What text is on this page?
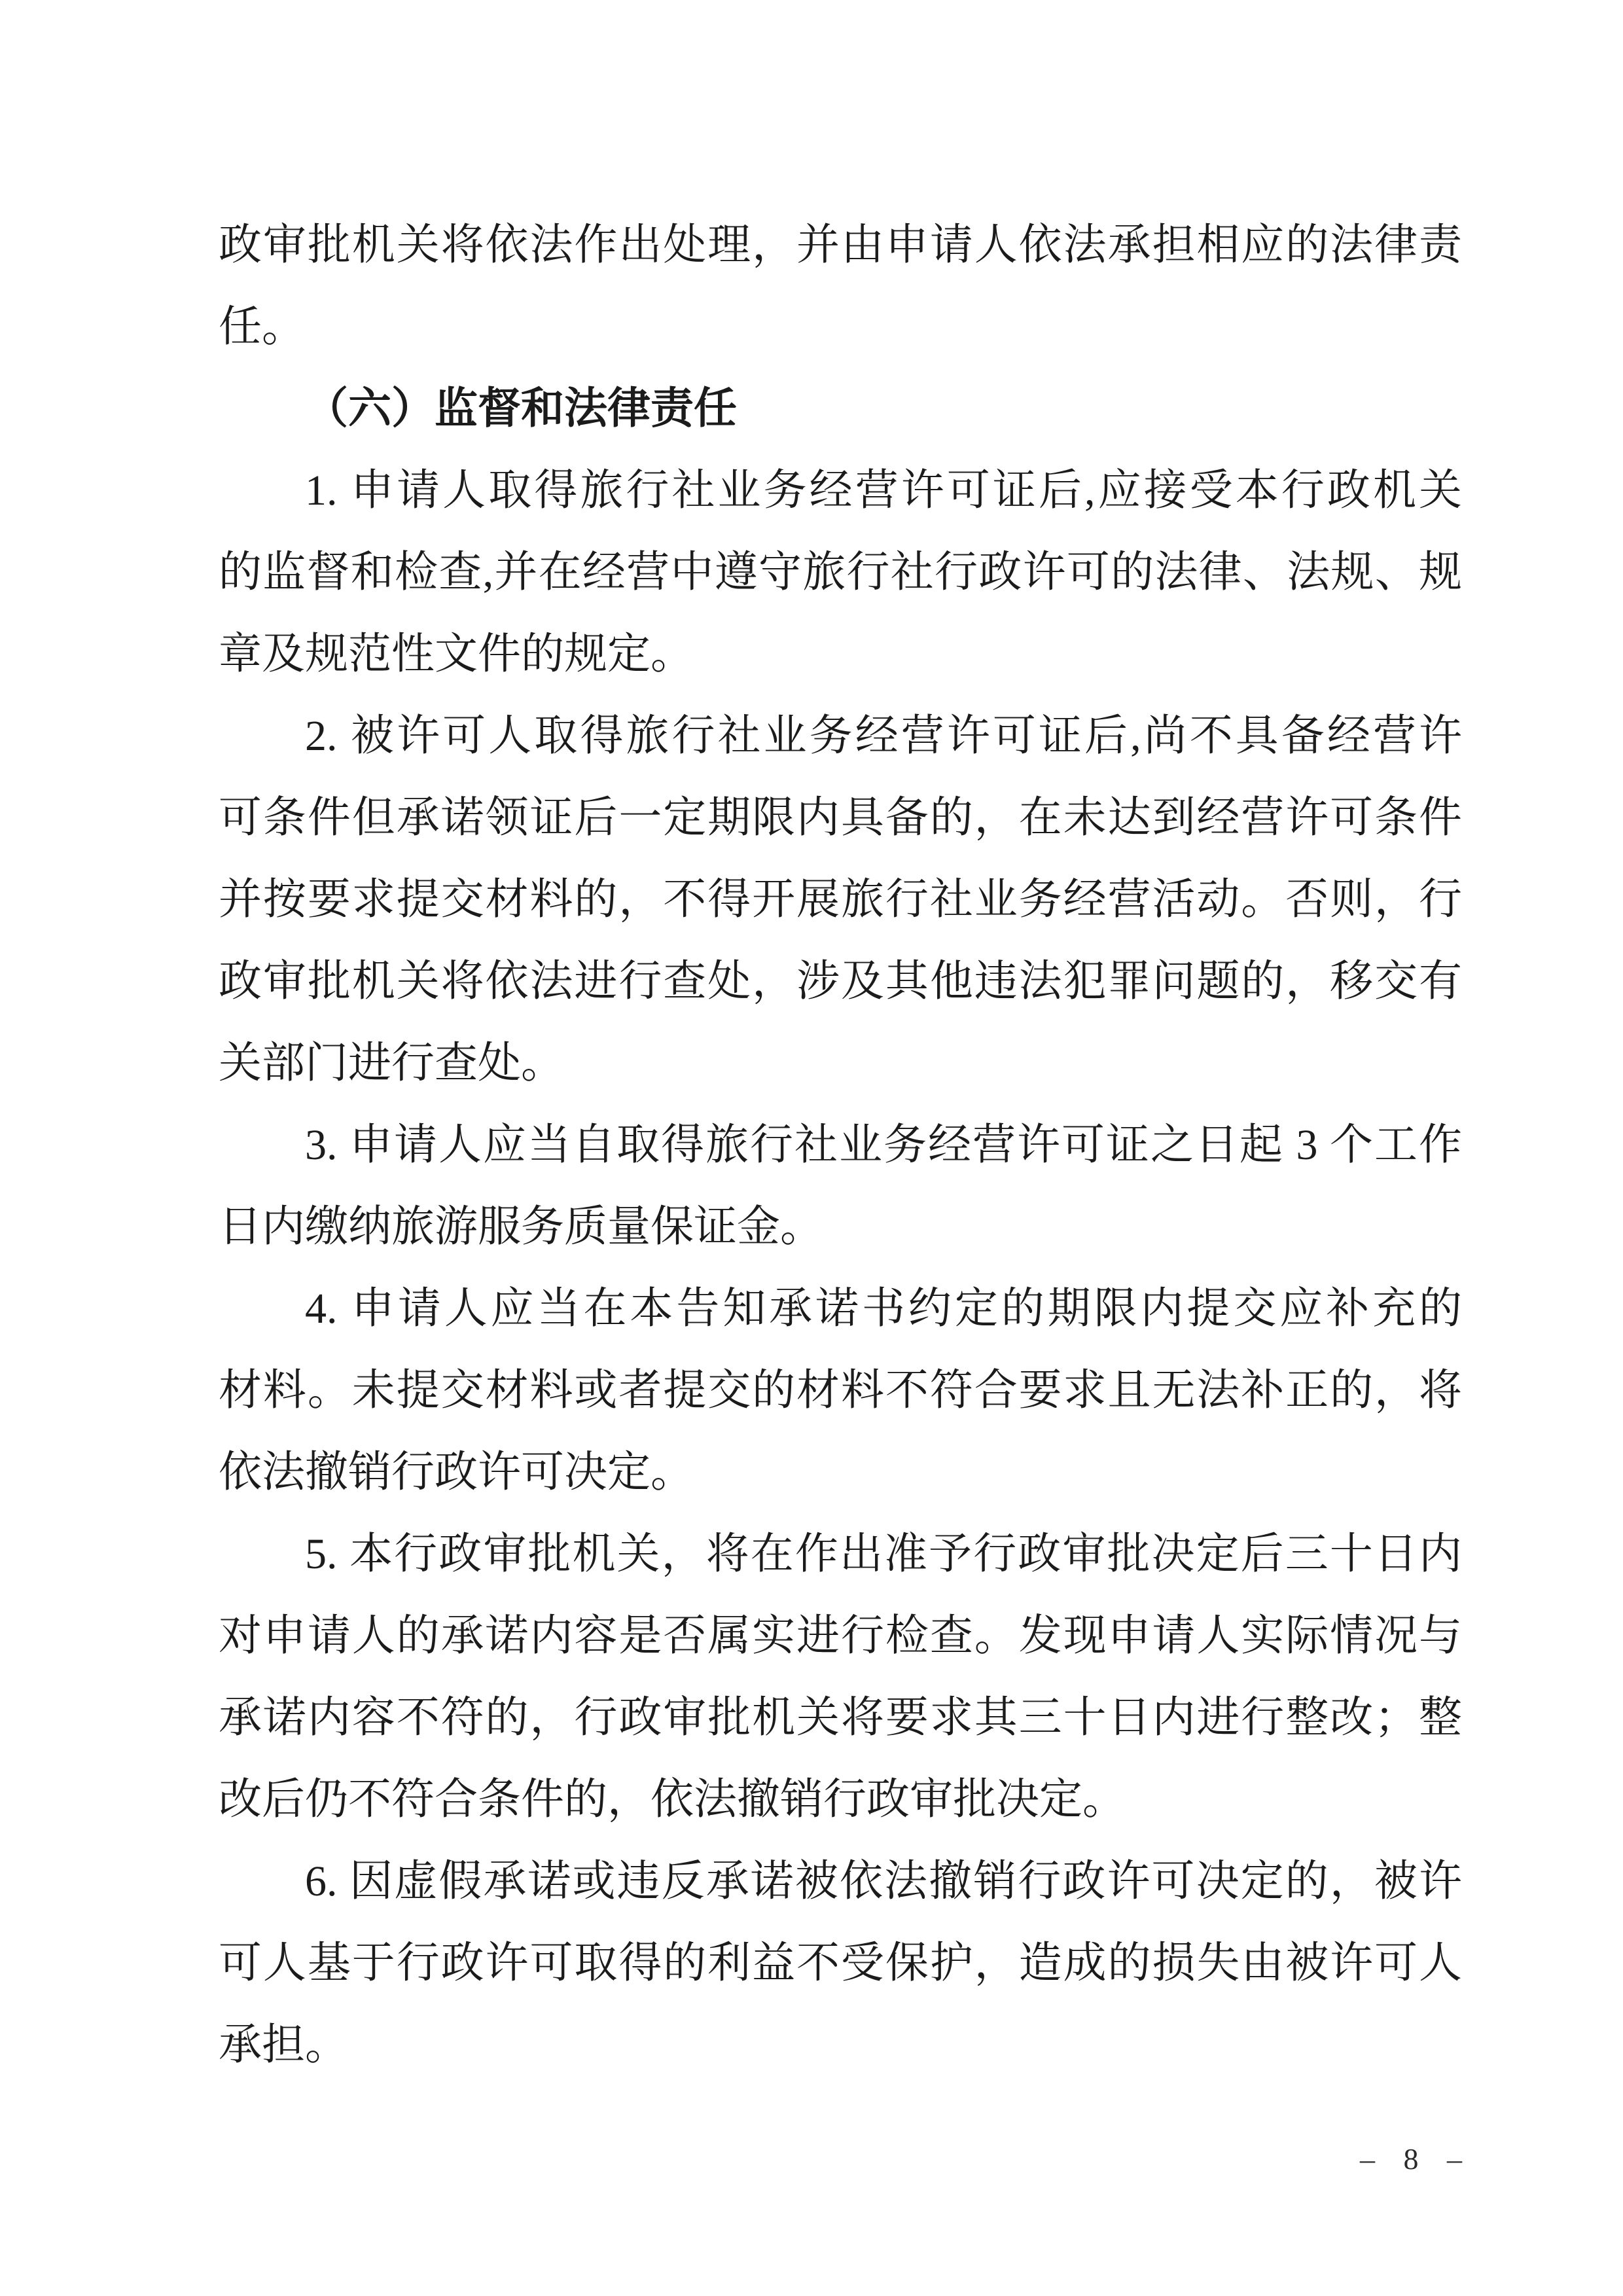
政审批机关将依法作出处理，并由申请人依法承担相应的法律责
任。
（六）监督和法律责任
1. 申请人取得旅行社业务经营许可证后,应接受本行政机关
的监督和检查,并在经营中遵守旅行社行政许可的法律、法规、规
章及规范性文件的规定。
2. 被许可人取得旅行社业务经营许可证后,尚不具备经营许
可条件但承诺领证后一定期限内具备的，在未达到经营许可条件
并按要求提交材料的，不得开展旅行社业务经营活动。否则，行
政审批机关将依法进行查处，涉及其他违法犯罪问题的，移交有
关部门进行查处。
3. 申请人应当自取得旅行社业务经营许可证之日起 3 个工作
日内缴纳旅游服务质量保证金。
4. 申请人应当在本告知承诺书约定的期限内提交应补充的
材料。未提交材料或者提交的材料不符合要求且无法补正的，将
依法撤销行政许可决定。
5. 本行政审批机关，将在作出准予行政审批决定后三十日内
对申请人的承诺内容是否属实进行检查。发现申请人实际情况与
承诺内容不符的，行政审批机关将要求其三十日内进行整改；整
改后仍不符合条件的，依法撤销行政审批决定。
6. 因虚假承诺或违反承诺被依法撤销行政许可决定的，被许
可人基于行政许可取得的利益不受保护，造成的损失由被许可人
承担。
– 8 –
